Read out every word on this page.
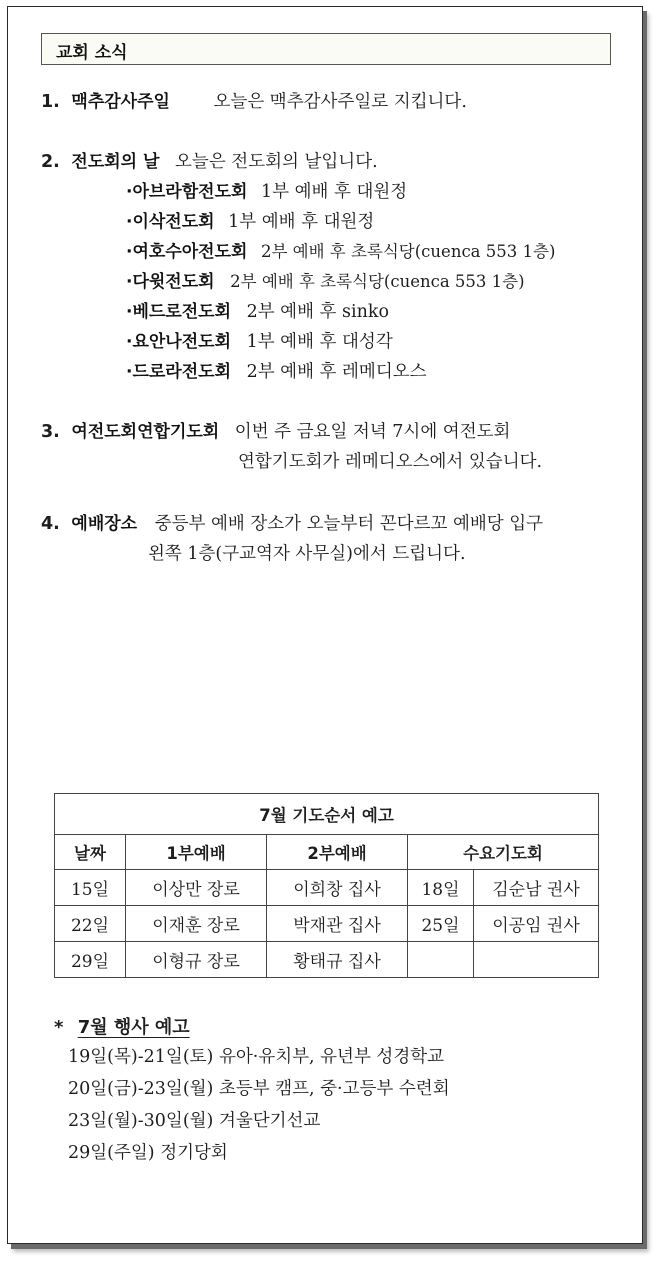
교회 소식
1. 맥추감사주일 오늘은 맥추감사주일로 지킵니다.
2. 전도회의 날 오늘은 전도회의 날입니다.
·아브라함전도회 1부 예배 후 대원정
·이삭전도회 1부 예배 후 대원정
·여호수아전도회 2부 예배 후 초록식당(cuenca 553 1층)
·다윗전도회 2부 예배 후 초록식당(cuenca 553 1층)
·베드로전도회 2부 예배 후 sinko
·요안나전도회 1부 예배 후 대성각
·드로라전도회 2부 예배 후 레메디오스
3. 여전도회연합기도회 이번 주 금요일 저녁 7시에 여전도회
연합기도회가 레메디오스에서 있습니다.
4. 예배장소 중등부 예배 장소가 오늘부터 꼰다르꼬 예배당 입구
왼쪽 1층(구교역자 사무실)에서 드립니다.
7월 기도순서 예고				
날짜	1부예배	2부예배	수요기도회	
15일	이상만 장로	이희창 집사	18일	김순남 권사
22일	이재훈 장로	박재관 집사	25일	이공임 권사
29일	이형규 장로	황태규 집사		
* 7월 행사 예고
19일(목)-21일(토) 유아·유치부, 유년부 성경학교
20일(금)-23일(월) 초등부 캠프, 중·고등부 수련회
23일(월)-30일(월) 겨울단기선교
29일(주일) 정기당회
